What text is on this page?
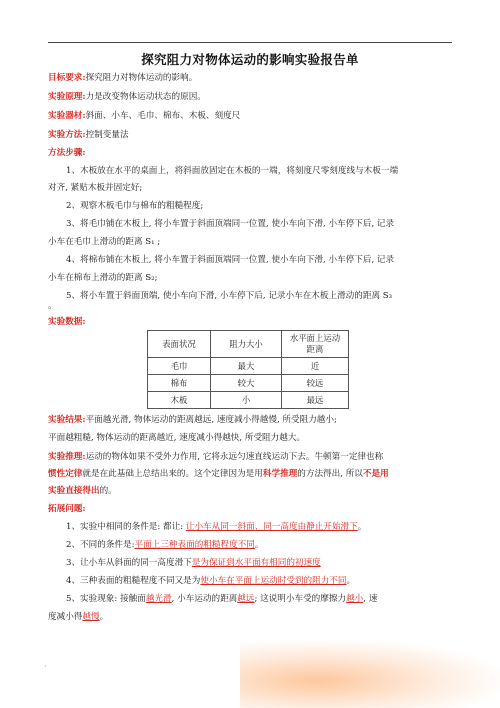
探究阻力对物体运动的影响实验报告单
目标要求:探究阻力对物体运动的影响。
实验原理:力是改变物体运动状态的原因。
实验器材:斜面、小车、毛巾、棉布、木板、刻度尺
实验方法:控制变量法
方法步骤:
1、木板放在水平的桌面上，将斜面放固定在木板的一端，将刻度尺零刻度线与木板一端
对齐, 紧贴木板并固定好;
2、观察木板毛巾与棉布的粗糙程度;
3、将毛巾铺在木板上, 将小车置于斜面顶端同一位置, 使小车向下滑, 小车停下后, 记录
小车在毛巾上滑动的距离 S₁ ;
4、将棉布铺在木板上, 将小车置于斜面顶端同一位置, 使小车向下滑, 小车停下后, 记录
小车在棉布上滑动的距离 S₂;
5、将小车置于斜面顶端, 使小车向下滑, 小车停下后, 记录小车在木板上滑动的距离 S₃
。
实验数据:
表面状况	阻力大小	水平面上运动距离

毛巾	最大	近
棉布	较大	较远
木板	小	最远
实验结果:平面越光滑, 物体运动的距离越远, 速度减小得越慢, 所受阻力越小;
平面越粗糙, 物体运动的距离越近, 速度减小得越快, 所受阻力越大。
实验推理:运动的物体如果不受外力作用, 它将永远匀速直线运动下去。牛顿第一定律也称
惯性定律就是在此基础上总结出来的。这个定律因为是用科学推理的方法得出, 所以不是用
实验直接得出的。
拓展问题:
1、实验中相同的条件是: 都让: 让小车从同一斜面、同一高度由静止开始滑下。
2、不同的条件是:平面上三种表面的粗糙程度不同。
3、让小车从斜面的同一高度滑下是为保证到水平面有相同的初速度
4、三种表面的粗糙程度不同又是为使小车在平面上运动时受到的阻力不同。
5、实验现象: 接触面越光滑, 小车运动的距离越远; 这说明小车受的摩擦力越小, 速
度减小得越慢。
·
